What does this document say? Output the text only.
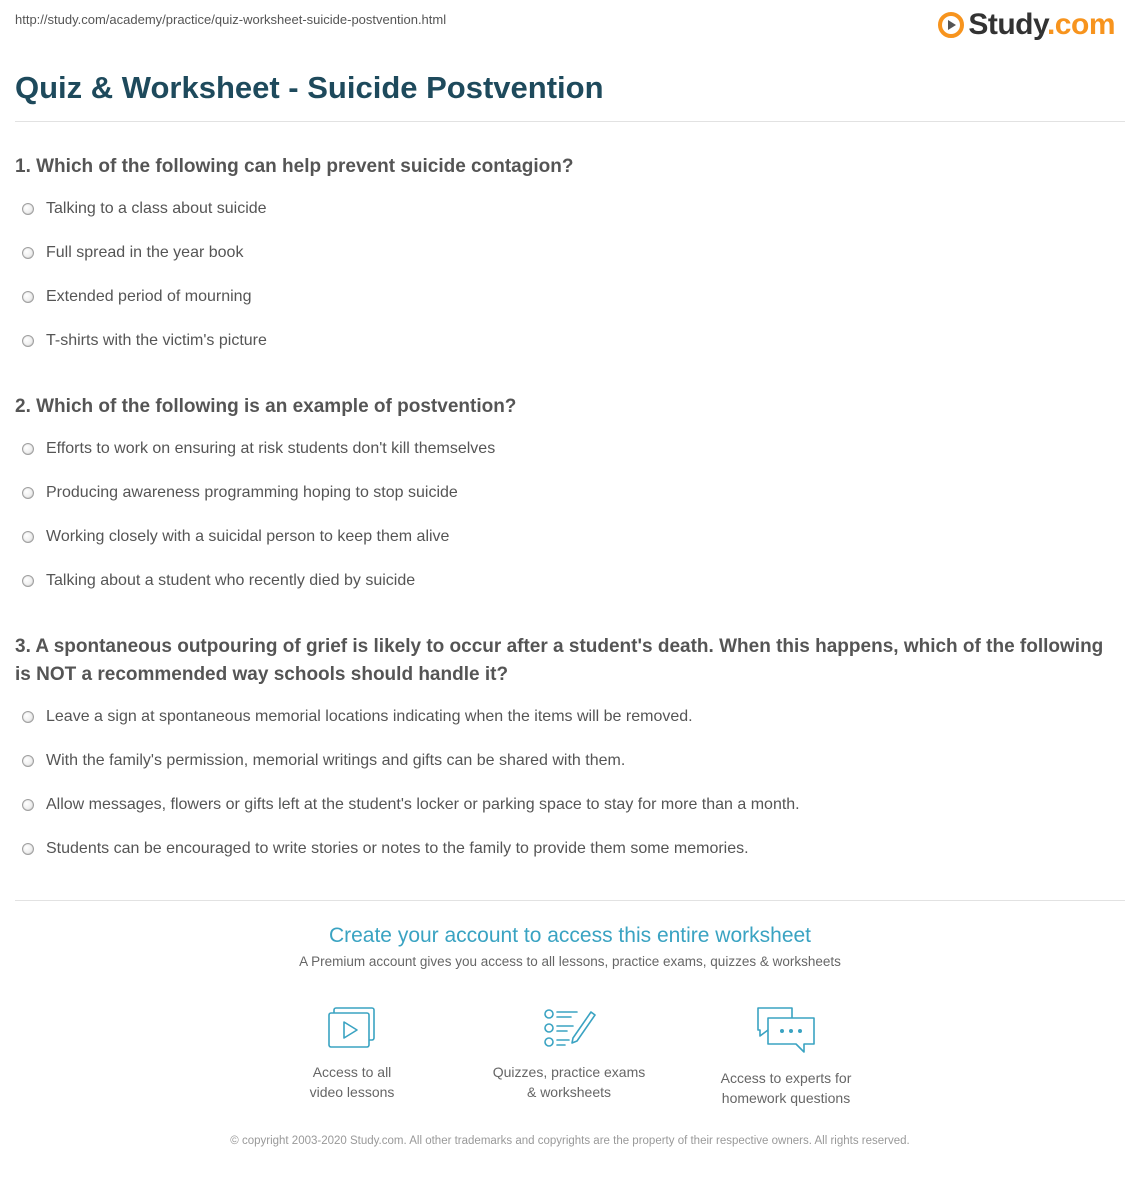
http://study.com/academy/practice/quiz-worksheet-suicide-postvention.html	Study.com
Quiz & Worksheet - Suicide Postvention
1. Which of the following can help prevent suicide contagion?
Talking to a class about suicide
Full spread in the year book
Extended period of mourning
T-shirts with the victim's picture
2. Which of the following is an example of postvention?
Efforts to work on ensuring at risk students don't kill themselves
Producing awareness programming hoping to stop suicide
Working closely with a suicidal person to keep them alive
Talking about a student who recently died by suicide
3. A spontaneous outpouring of grief is likely to occur after a student's death. When this happens, which of the following is NOT a recommended way schools should handle it?
Leave a sign at spontaneous memorial locations indicating when the items will be removed.
With the family's permission, memorial writings and gifts can be shared with them.
Allow messages, flowers or gifts left at the student's locker or parking space to stay for more than a month.
Students can be encouraged to write stories or notes to the family to provide them some memories.
Create your account to access this entire worksheet
A Premium account gives you access to all lessons, practice exams, quizzes & worksheets
Access to all
video lessons
Quizzes, practice exams
& worksheets
Access to experts for
homework questions
© copyright 2003-2020 Study.com. All other trademarks and copyrights are the property of their respective owners. All rights reserved.
